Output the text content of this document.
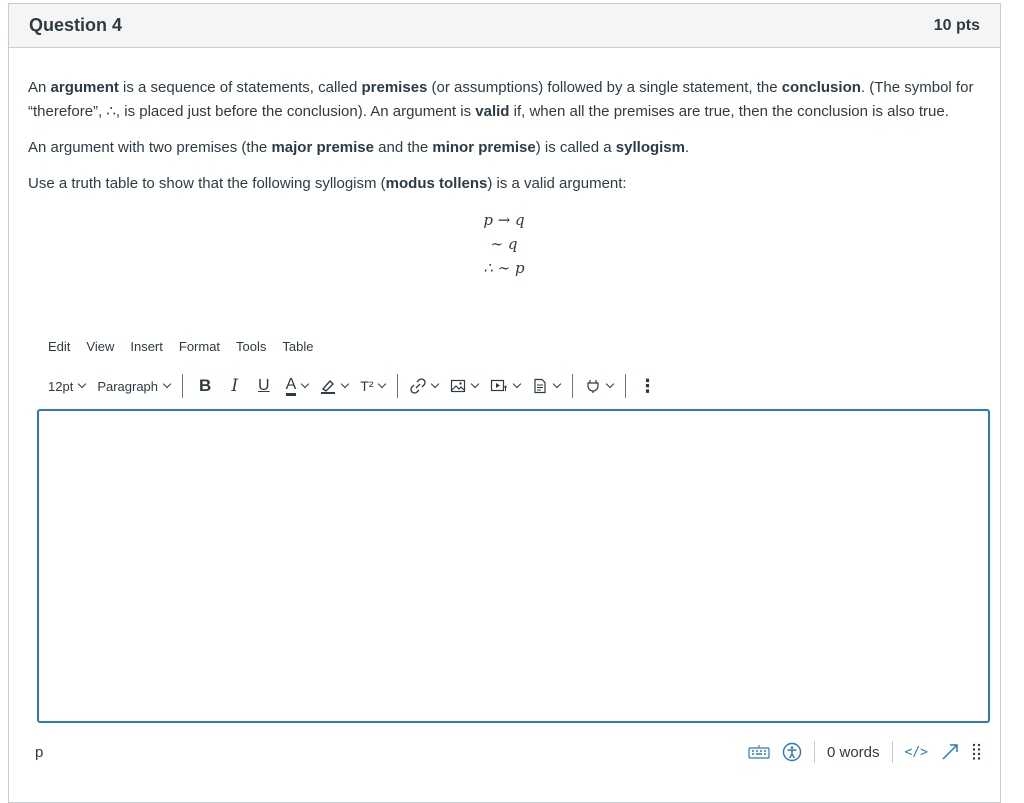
Question 4	10 pts

An argument is a sequence of statements, called premises (or assumptions) followed by a single statement, the conclusion. (The symbol for “therefore”, ∴, is placed just before the conclusion). An argument is valid if, when all the premises are true, then the conclusion is also true.

An argument with two premises (the major premise and the minor premise) is called a syllogism.

Use a truth table to show that the following syllogism (modus tollens) is a valid argument:

p → q
∼ q
∴ ∼ p
Edit	View	Insert	Format	Tools	Table
12pt Paragraph B I U A	T²	⋮
p	0 words </>
